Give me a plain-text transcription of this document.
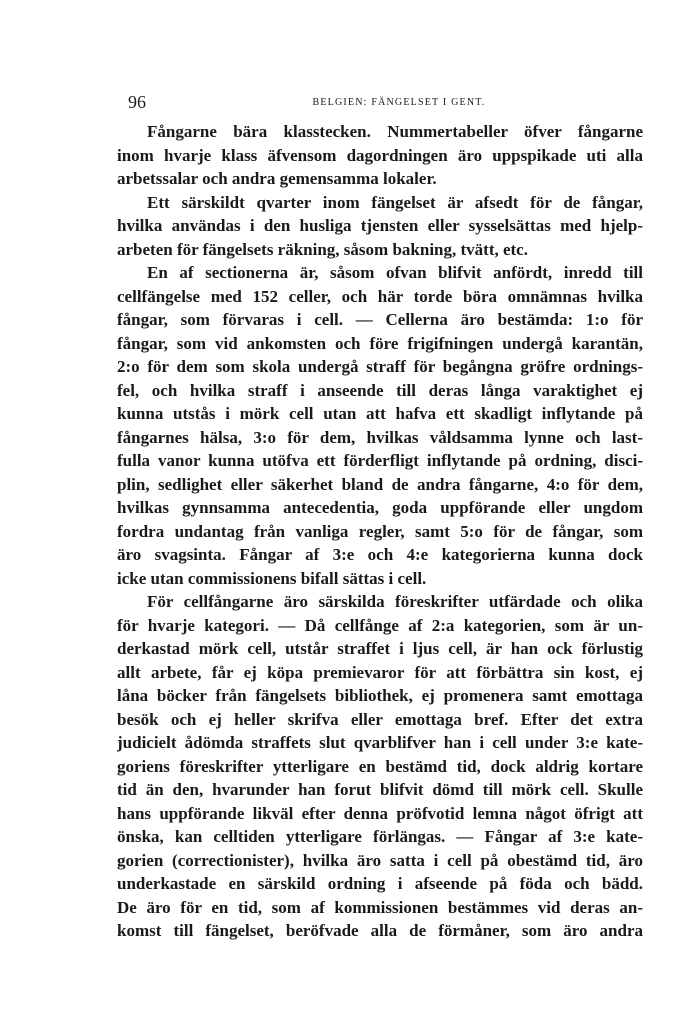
96	BELGIEN: FÄNGELSET I GENT.

Fångarne bära klasstecken. Nummertabeller öfver fångarne
inom hvarje klass äfvensom dagordningen äro uppspikade uti alla
arbetssalar och andra gemensamma lokaler.

Ett särskildt qvarter inom fängelset är afsedt för de fångar,
hvilka användas i den husliga tjensten eller sysselsättas med hjelp-
arbeten för fängelsets räkning, såsom bakning, tvätt, etc.

En af sectionerna är, såsom ofvan blifvit anfördt, inredd till
cellfängelse med 152 celler, och här torde böra omnämnas hvilka
fångar, som förvaras i cell. — Cellerna äro bestämda: 1:o för
fångar, som vid ankomsten och före frigifningen undergå karantän,
2:o för dem som skola undergå straff för begångna gröfre ordnings-
fel, och hvilka straff i anseende till deras långa varaktighet ej
kunna utstås i mörk cell utan att hafva ett skadligt inflytande på
fångarnes hälsa, 3:o för dem, hvilkas våldsamma lynne och last-
fulla vanor kunna utöfva ett förderfligt inflytande på ordning, disci-
plin, sedlighet eller säkerhet bland de andra fångarne, 4:o för dem,
hvilkas gynnsamma antecedentia, goda uppförande eller ungdom
fordra undantag från vanliga regler, samt 5:o för de fångar, som
äro svagsinta. Fångar af 3:e och 4:e kategorierna kunna dock
icke utan commissionens bifall sättas i cell.

För cellfångarne äro särskilda föreskrifter utfärdade och olika
för hvarje kategori. — Då cellfånge af 2:a kategorien, som är un-
derkastad mörk cell, utstår straffet i ljus cell, är han ock förlustig
allt arbete, får ej köpa premievaror för att förbättra sin kost, ej
låna böcker från fängelsets bibliothek, ej promenera samt emottaga
besök och ej heller skrifva eller emottaga bref. Efter det extra
judicielt ådömda straffets slut qvarblifver han i cell under 3:e kate-
goriens föreskrifter ytterligare en bestämd tid, dock aldrig kortare
tid än den, hvarunder han forut blifvit dömd till mörk cell. Skulle
hans uppförande likväl efter denna pröfvotid lemna något öfrigt att
önska, kan celltiden ytterligare förlängas. — Fångar af 3:e kate-
gorien (correctionister), hvilka äro satta i cell på obestämd tid, äro
underkastade en särskild ordning i afseende på föda och bädd.
De äro för en tid, som af kommissionen bestämmes vid deras an-
komst till fängelset, beröfvade alla de förmåner, som äro andra
